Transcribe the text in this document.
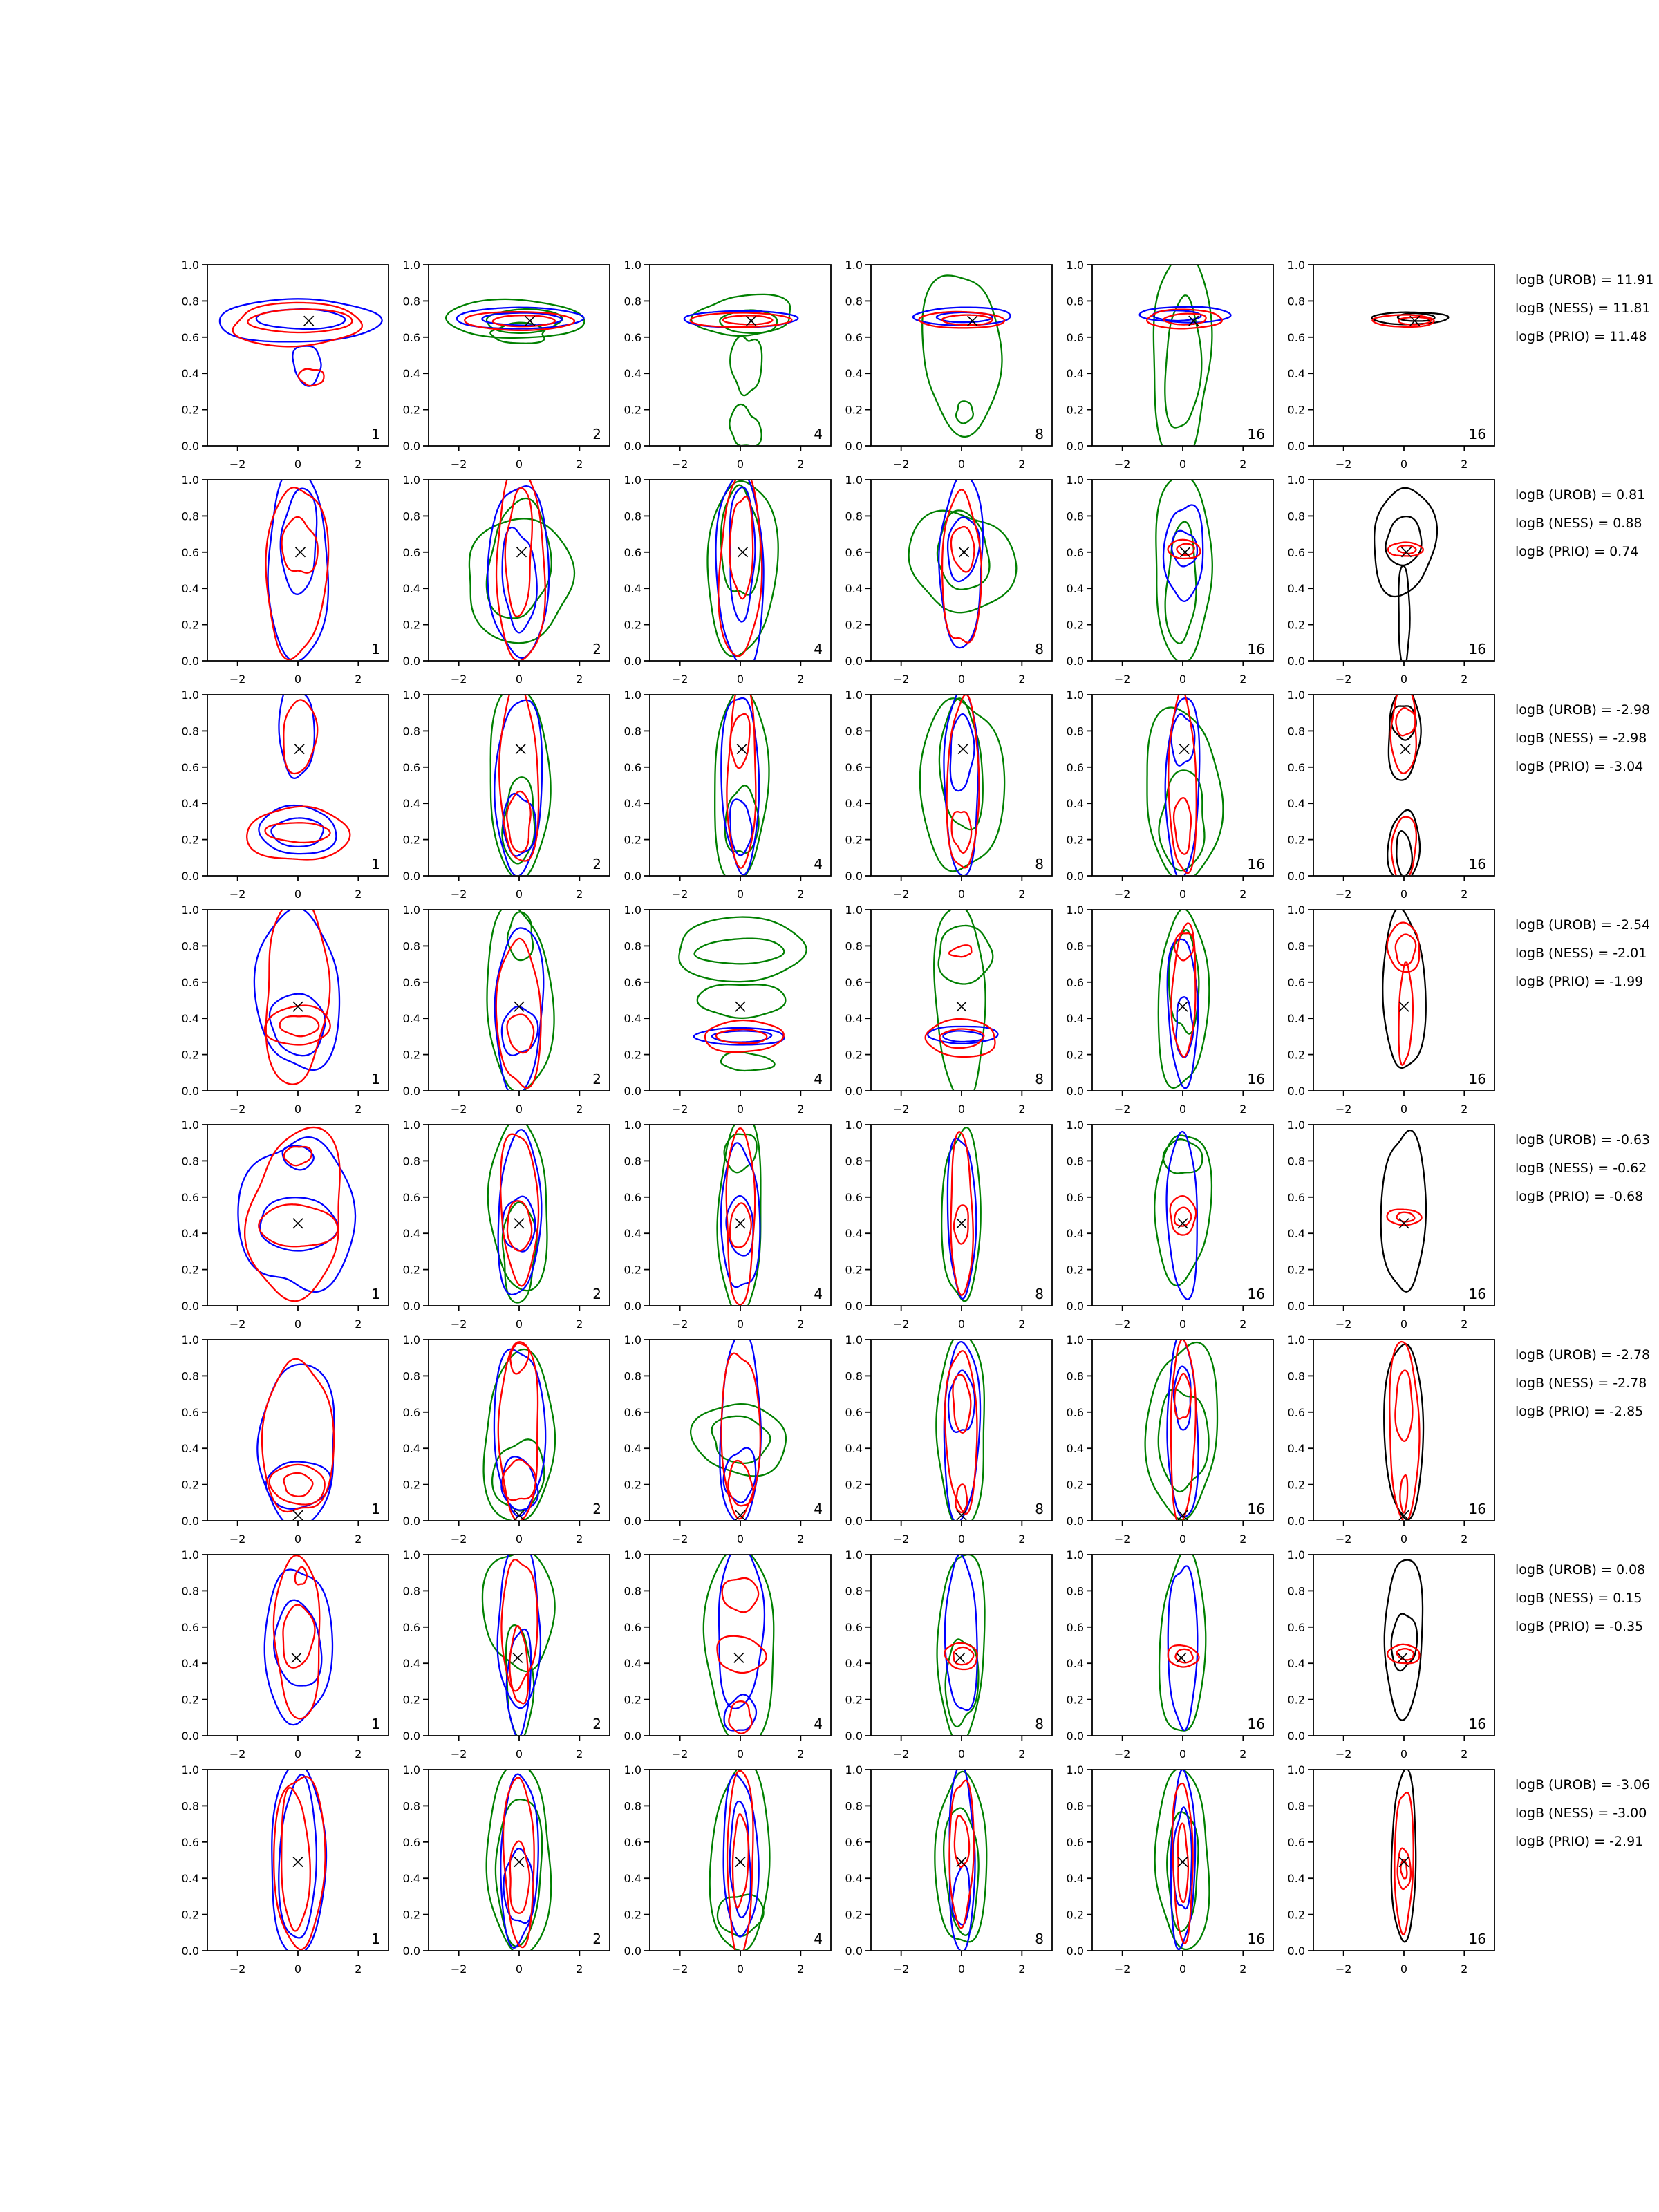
−2	0	2
0.0
0.2
0.4
0.6
0.8
1.0
1
−2	0	2
0.0
0.2
0.4
0.6
0.8
1.0
2
−2	0	2
0.0
0.2
0.4
0.6
0.8
1.0
4
−2	0	2
0.0
0.2
0.4
0.6
0.8
1.0
8
−2	0	2
0.0
0.2
0.4
0.6
0.8
1.0
16
−2	0	2
0.0
0.2
0.4
0.6
0.8
1.0
16
logB (UROB) = 11.91
logB (NESS) = 11.81
logB (PRIO) = 11.48
−2	0	2
0.0
0.2
0.4
0.6
0.8
1.0
1
−2	0	2
0.0
0.2
0.4
0.6
0.8
1.0
2
−2	0	2
0.0
0.2
0.4
0.6
0.8
1.0
4
−2	0	2
0.0
0.2
0.4
0.6
0.8
1.0
8
−2	0	2
0.0
0.2
0.4
0.6
0.8
1.0
16
−2	0	2
0.0
0.2
0.4
0.6
0.8
1.0
16
logB (UROB) = 0.81
logB (NESS) = 0.88
logB (PRIO) = 0.74
−2	0	2
0.0
0.2
0.4
0.6
0.8
1.0
1
−2	0	2
0.0
0.2
0.4
0.6
0.8
1.0
2
−2	0	2
0.0
0.2
0.4
0.6
0.8
1.0
4
−2	0	2
0.0
0.2
0.4
0.6
0.8
1.0
8
−2	0	2
0.0
0.2
0.4
0.6
0.8
1.0
16
−2	0	2
0.0
0.2
0.4
0.6
0.8
1.0
16
logB (UROB) = -2.98
logB (NESS) = -2.98
logB (PRIO) = -3.04
−2	0	2
0.0
0.2
0.4
0.6
0.8
1.0
1
−2	0	2
0.0
0.2
0.4
0.6
0.8
1.0
2
−2	0	2
0.0
0.2
0.4
0.6
0.8
1.0
4
−2	0	2
0.0
0.2
0.4
0.6
0.8
1.0
8
−2	0	2
0.0
0.2
0.4
0.6
0.8
1.0
16
−2	0	2
0.0
0.2
0.4
0.6
0.8
1.0
16
logB (UROB) = -2.54
logB (NESS) = -2.01
logB (PRIO) = -1.99
−2	0	2
0.0
0.2
0.4
0.6
0.8
1.0
1
−2	0	2
0.0
0.2
0.4
0.6
0.8
1.0
2
−2	0	2
0.0
0.2
0.4
0.6
0.8
1.0
4
−2	0	2
0.0
0.2
0.4
0.6
0.8
1.0
8
−2	0	2
0.0
0.2
0.4
0.6
0.8
1.0
16
−2	0	2
0.0
0.2
0.4
0.6
0.8
1.0
16
logB (UROB) = -0.63
logB (NESS) = -0.62
logB (PRIO) = -0.68
−2	0	2
0.0
0.2
0.4
0.6
0.8
1.0
1
−2	0	2
0.0
0.2
0.4
0.6
0.8
1.0
2
−2	0	2
0.0
0.2
0.4
0.6
0.8
1.0
4
−2	0	2
0.0
0.2
0.4
0.6
0.8
1.0
8
−2	0	2
0.0
0.2
0.4
0.6
0.8
1.0
16
−2	0	2
0.0
0.2
0.4
0.6
0.8
1.0
16
logB (UROB) = -2.78
logB (NESS) = -2.78
logB (PRIO) = -2.85
−2	0	2
0.0
0.2
0.4
0.6
0.8
1.0
1
−2	0	2
0.0
0.2
0.4
0.6
0.8
1.0
2
−2	0	2
0.0
0.2
0.4
0.6
0.8
1.0
4
−2	0	2
0.0
0.2
0.4
0.6
0.8
1.0
8
−2	0	2
0.0
0.2
0.4
0.6
0.8
1.0
16
−2	0	2
0.0
0.2
0.4
0.6
0.8
1.0
16
logB (UROB) = 0.08
logB (NESS) = 0.15
logB (PRIO) = -0.35
−2	0	2
0.0
0.2
0.4
0.6
0.8
1.0
1
−2	0	2
0.0
0.2
0.4
0.6
0.8
1.0
2
−2	0	2
0.0
0.2
0.4
0.6
0.8
1.0
4
−2	0	2
0.0
0.2
0.4
0.6
0.8
1.0
8
−2	0	2
0.0
0.2
0.4
0.6
0.8
1.0
16
−2	0	2
0.0
0.2
0.4
0.6
0.8
1.0
16
logB (UROB) = -3.06
logB (NESS) = -3.00
logB (PRIO) = -2.91
